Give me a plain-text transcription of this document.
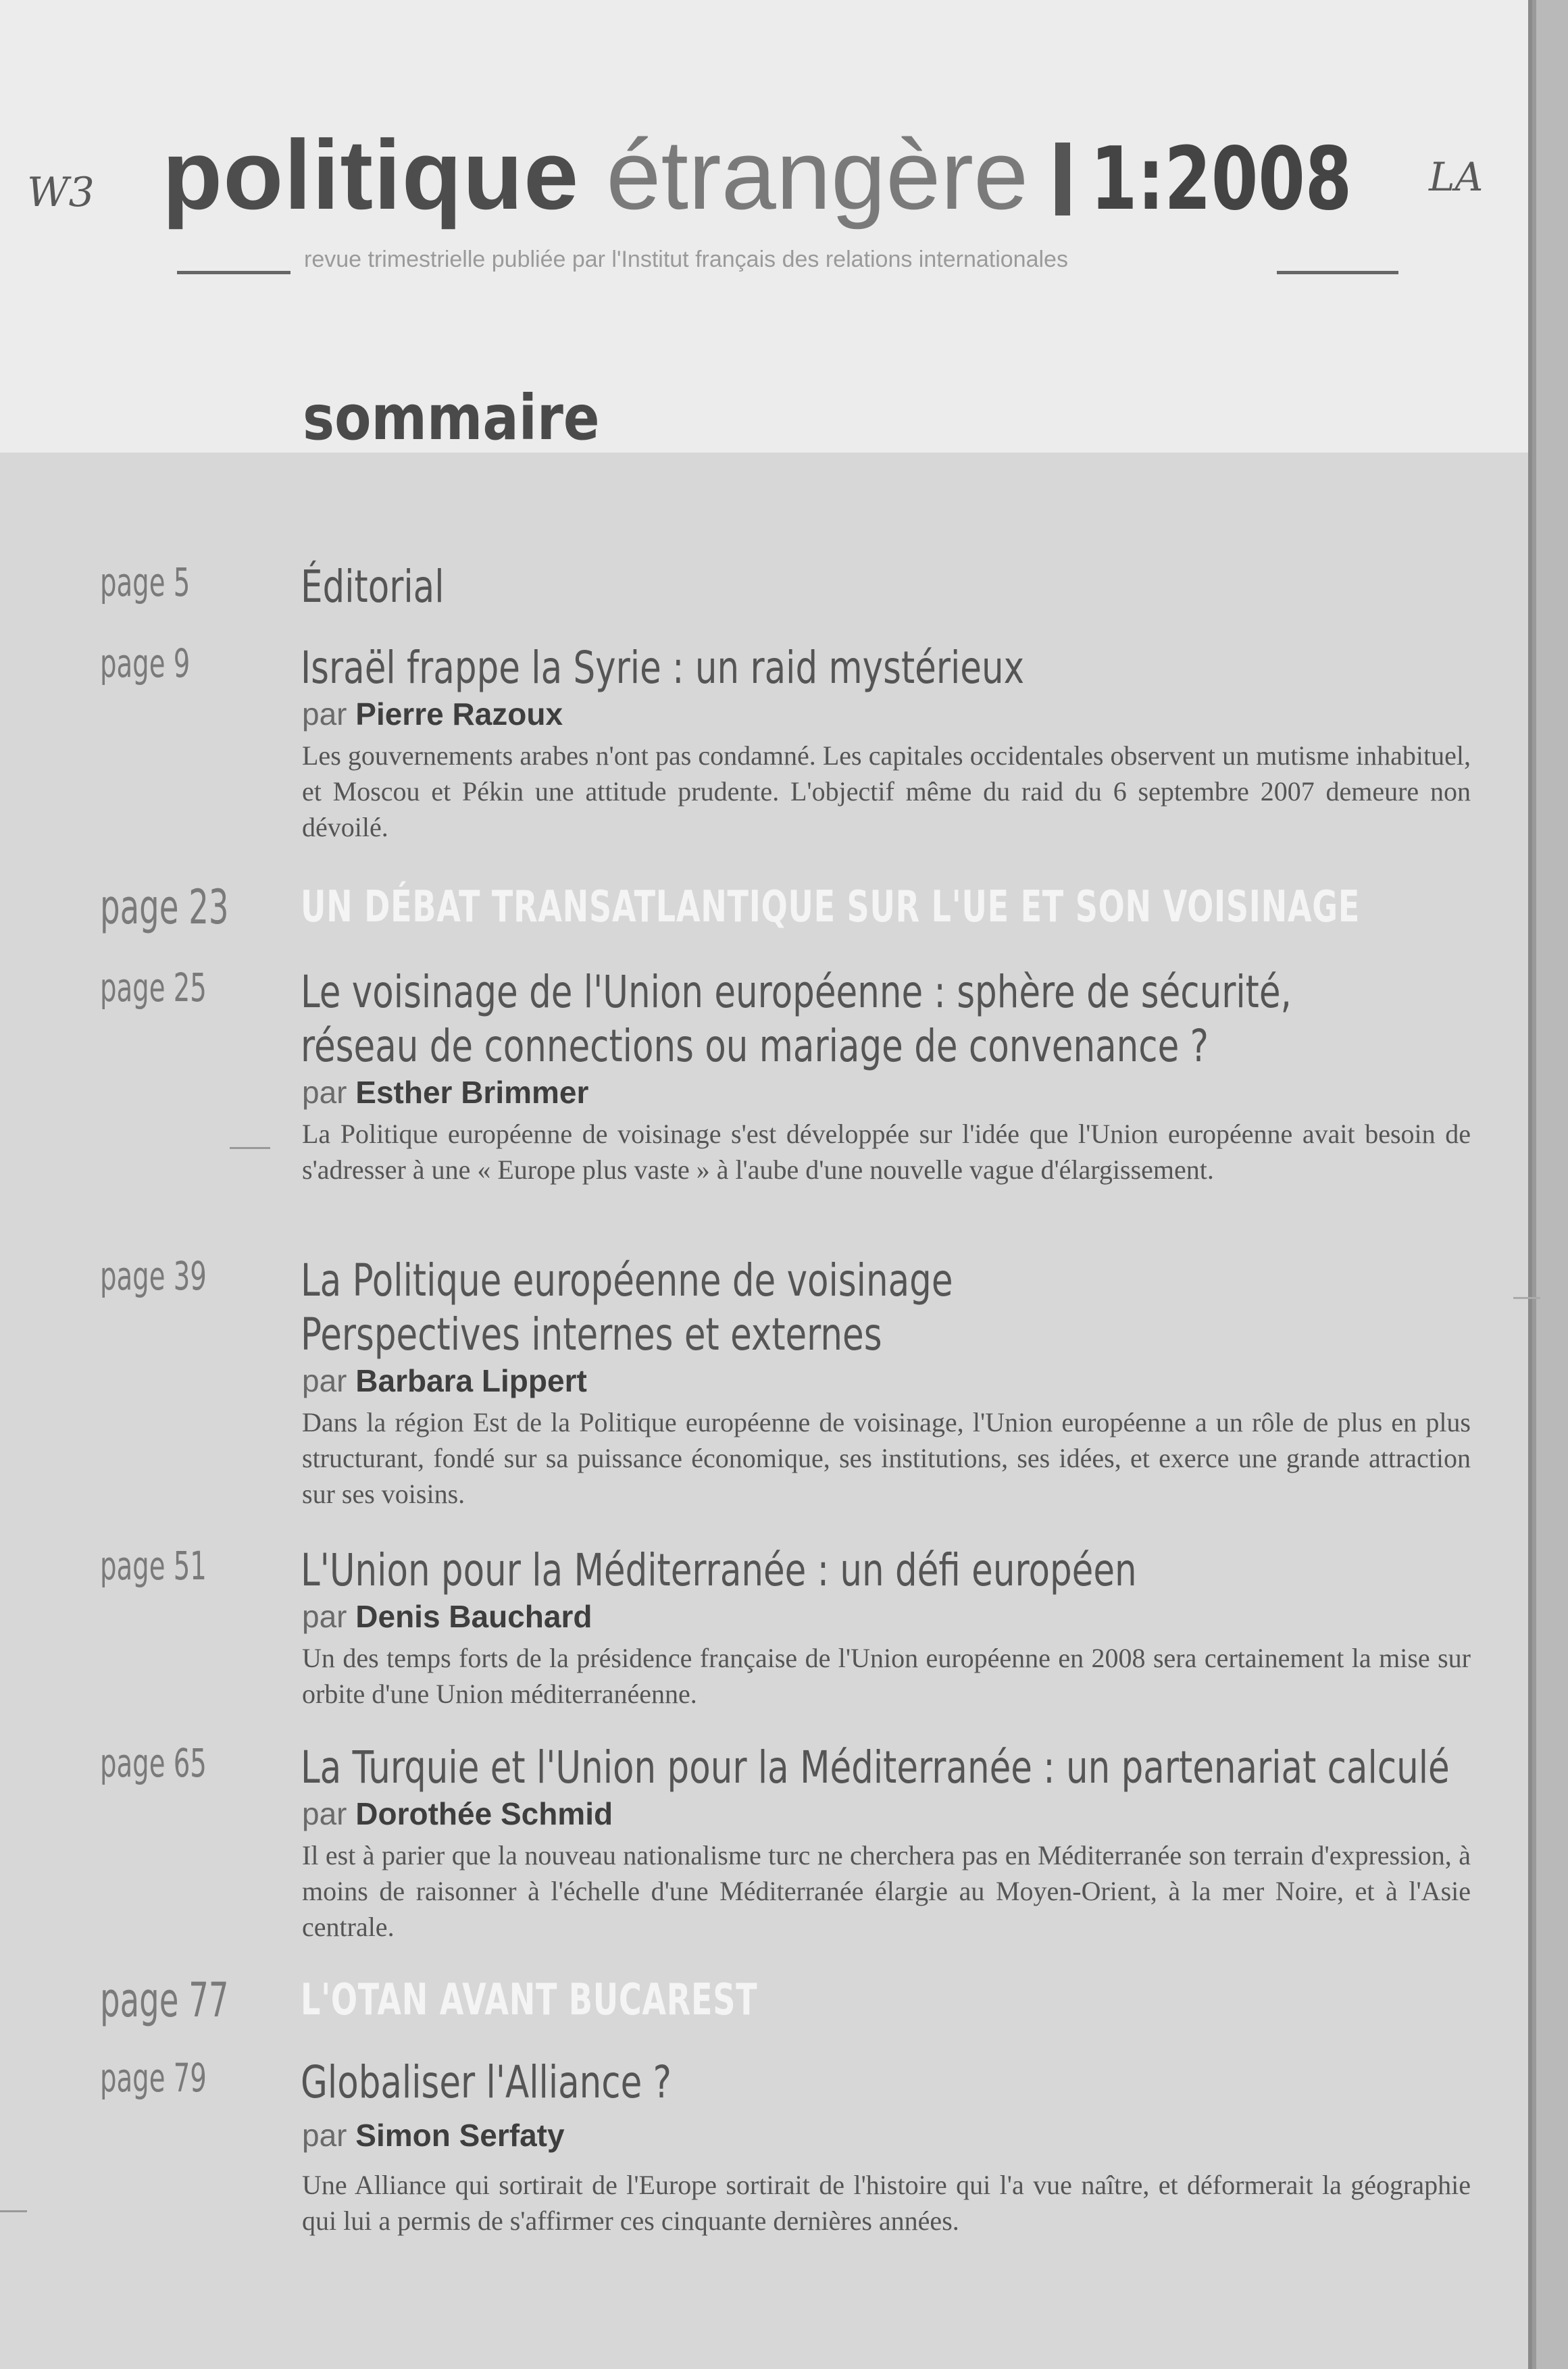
W3	LA
politique étrangère 1:2008
revue trimestrielle publiée par l'Institut français des relations internationales
sommaire
page 5 Éditorial
page 9 Israël frappe la Syrie : un raid mystérieux
par Pierre Razoux
Les gouvernements arabes n'ont pas condamné. Les capitales occidentales observent un mutisme inhabituel, et Moscou et Pékin une attitude prudente. L'objectif même du raid du 6 septembre 2007 demeure non dévoilé.
page 23 UN DÉBAT TRANSATLANTIQUE SUR L'UE ET SON VOISINAGE
page 25 Le voisinage de l'Union européenne : sphère de sécurité,
réseau de connections ou mariage de convenance ?
par Esther Brimmer
La Politique européenne de voisinage s'est développée sur l'idée que l'Union européenne avait besoin de s'adresser à une « Europe plus vaste » à l'aube d'une nouvelle vague d'élargissement.
page 39 La Politique européenne de voisinage
Perspectives internes et externes
par Barbara Lippert
Dans la région Est de la Politique européenne de voisinage, l'Union européenne a un rôle de plus en plus structurant, fondé sur sa puissance économique, ses institutions, ses idées, et exerce une grande attraction sur ses voisins.
page 51 L'Union pour la Méditerranée : un défi européen
par Denis Bauchard
Un des temps forts de la présidence française de l'Union européenne en 2008 sera certainement la mise sur orbite d'une Union méditerranéenne.
page 65 La Turquie et l'Union pour la Méditerranée : un partenariat calculé
par Dorothée Schmid
Il est à parier que la nouveau nationalisme turc ne cherchera pas en Méditerranée son terrain d'expression, à moins de raisonner à l'échelle d'une Méditerranée élargie au Moyen-Orient, à la mer Noire, et à l'Asie centrale.
page 77 L'OTAN AVANT BUCAREST
page 79 Globaliser l'Alliance ?
par Simon Serfaty
Une Alliance qui sortirait de l'Europe sortirait de l'histoire qui l'a vue naître, et déformerait la géographie qui lui a permis de s'affirmer ces cinquante dernières années.
